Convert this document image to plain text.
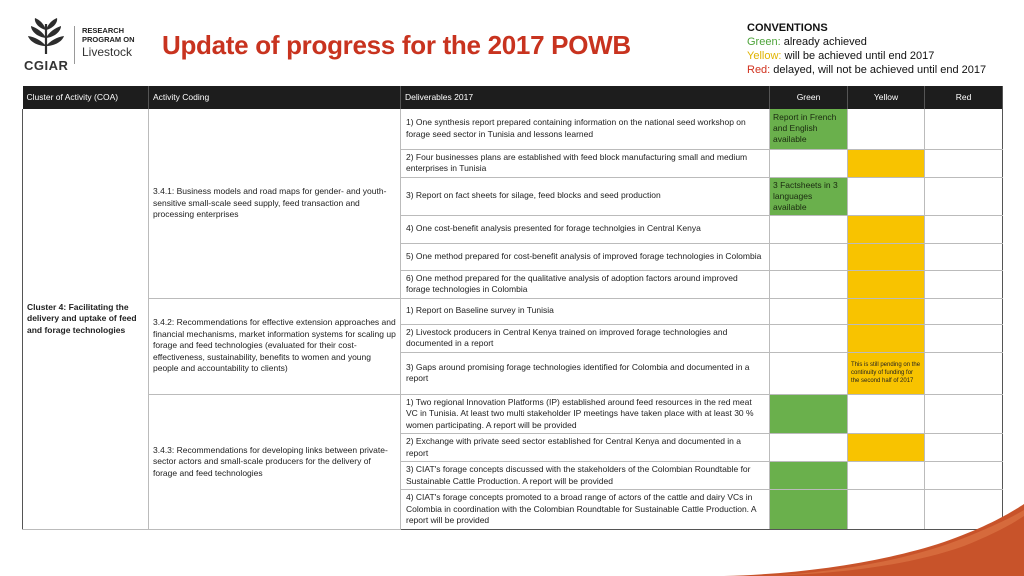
CGIAR
RESEARCH
PROGRAM ON
Livestock Update of progress for the 2017 POWB
CONVENTIONS
Green: already achieved
Yellow: will be achieved until end 2017
Red: delayed, will not be achieved until end 2017
Cluster of Activity (COA)	Activity Coding	Deliverables 2017	Green	Yellow	Red
Cluster 4: Facilitating the delivery and uptake of feed and forage technologies	3.4.1: Business models and road maps for gender- and youth-sensitive small-scale seed supply, feed transaction and processing enterprises	1) One synthesis report prepared containing information on the national seed workshop on forage seed sector in Tunisia and lessons learned	Report in French and English available		
		2) Four businesses plans are established with feed block manufacturing small and medium enterprises in Tunisia			
		3) Report on fact sheets for silage, feed blocks and seed production	3 Factsheets in 3 languages available		
		4) One cost-benefit analysis presented for forage technolgies in Central Kenya			
		5) One method prepared for cost-benefit analysis of improved forage technologies in Colombia			
		6) One method prepared for the qualitative analysis of adoption factors around improved forage technologies in Colombia			
	3.4.2: Recommendations for effective extension approaches and financial mechanisms, market information systems for scaling up forage and feed technologies (evaluated for their cost-effectiveness, sustainability, benefits to women and young people and accountability to clients)	1) Report on Baseline survey in Tunisia			
		2) Livestock producers in Central Kenya trained on improved forage technologies and documented in a report			
		3) Gaps around promising forage technologies identified for Colombia and documented in a report		This is still pending on the continuity of funding for the second half of 2017	
	3.4.3: Recommendations for developing links between private-sector actors and small-scale producers for the delivery of forage and feed technologies	1) Two regional Innovation Platforms (IP) established around feed resources in the red meat VC in Tunisia. At least two multi stakeholder IP meetings have taken place with at least 30 % women participating. A report will be provided			
		2) Exchange with private seed sector established for Central Kenya and documented in a report			
		3) CIAT's forage concepts discussed with the stakeholders of the Colombian Roundtable for Sustainable Cattle Production. A report will be provided			
		4) CIAT's forage concepts promoted to a broad range of actors of the cattle and dairy VCs in Colombia in coordination with the Colombian Roundtable for Sustainable Cattle Production. A report will be provided			
